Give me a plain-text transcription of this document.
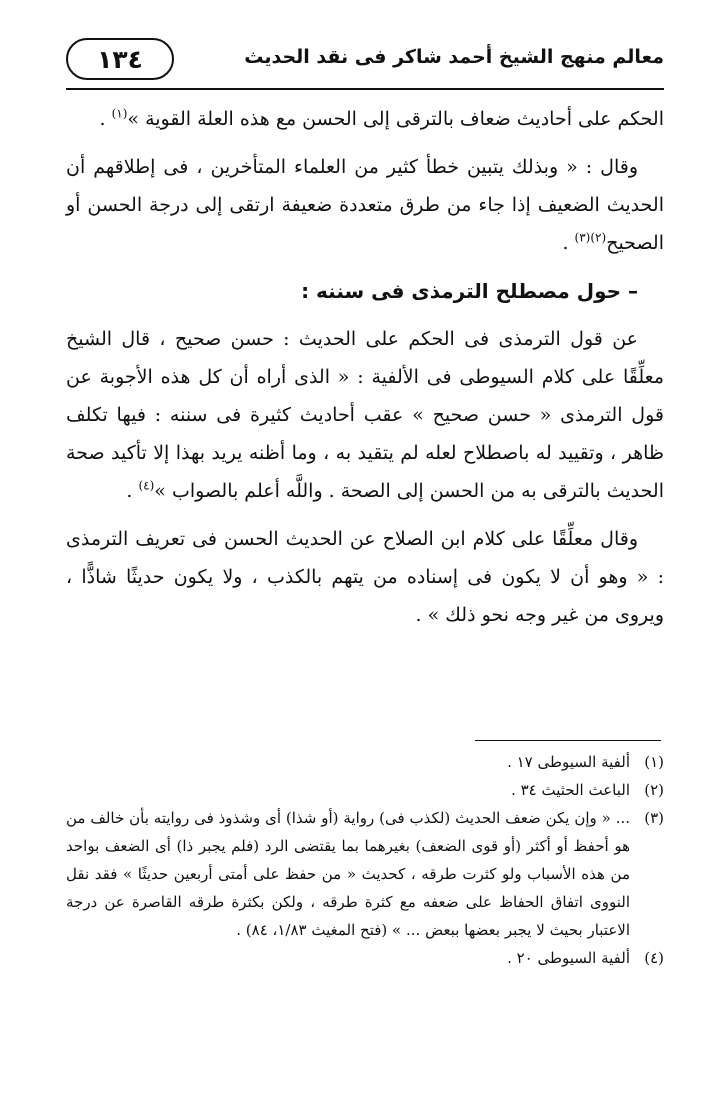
١٣٤	معالم منهج الشيخ أحمد شاكر فى نقد الحديث

الحكم على أحاديث ضعاف بالترقى إلى الحسن مع هذه العلة القوية »$^{(١)}$ .

وقال : « وبذلك يتبين خطأ كثير من العلماء المتأخرين ، فى إطلاقهم أن الحديث الضعيف إذا جاء من طرق متعددة ضعيفة ارتقى إلى درجة الحسن أو الصحيح$^{(٢)(٣)}$ .

– حول مصطلح الترمذى فى سننه :

عن قول الترمذى فى الحكم على الحديث : حسن صحيح ، قال الشيخ معلِّقًا على كلام السيوطى فى الألفية : « الذى أراه أن كل هذه الأجوبة عن قول الترمذى « حسن صحيح » عقب أحاديث كثيرة فى سننه : فيها تكلف ظاهر ، وتقييد له باصطلاح لعله لم يتقيد به ، وما أظنه يريد بهذا إلا تأكيد صحة الحديث بالترقى به من الحسن إلى الصحة . واللَّه أعلم بالصواب »$^{(٤)}$ .

وقال معلِّقًا على كلام ابن الصلاح عن الحديث الحسن فى تعريف الترمذى : « وهو أن لا يكون فى إسناده من يتهم بالكذب ، ولا يكون حديثًا شاذًّا ، ويروى من غير وجه نحو ذلك » .

(١)
ألفية السيوطى ١٧ .
(٢)
الباعث الحثيث ٣٤ .
(٣)
... « وإن يكن ضعف الحديث (لكذب فى) رواية (أو شذا) أى وشذوذ فى روايته بأن خالف من هو أحفظ أو أكثر (أو قوى الضعف) بغيرهما بما يقتضى الرد (فلم يجبر ذا) أى الضعف بواحد من هذه الأسباب ولو كثرت طرقه ، كحديث « من حفظ على أمتى أربعين حديثًا » فقد نقل النووى اتفاق الحفاظ على ضعفه مع كثرة طرقه ، ولكن بكثرة طرقه القاصرة عن درجة الاعتبار بحيث لا يجبر بعضها ببعض ... » (فتح المغيث ١/٨٣، ٨٤) .
(٤)
ألفية السيوطى ٢٠ .
